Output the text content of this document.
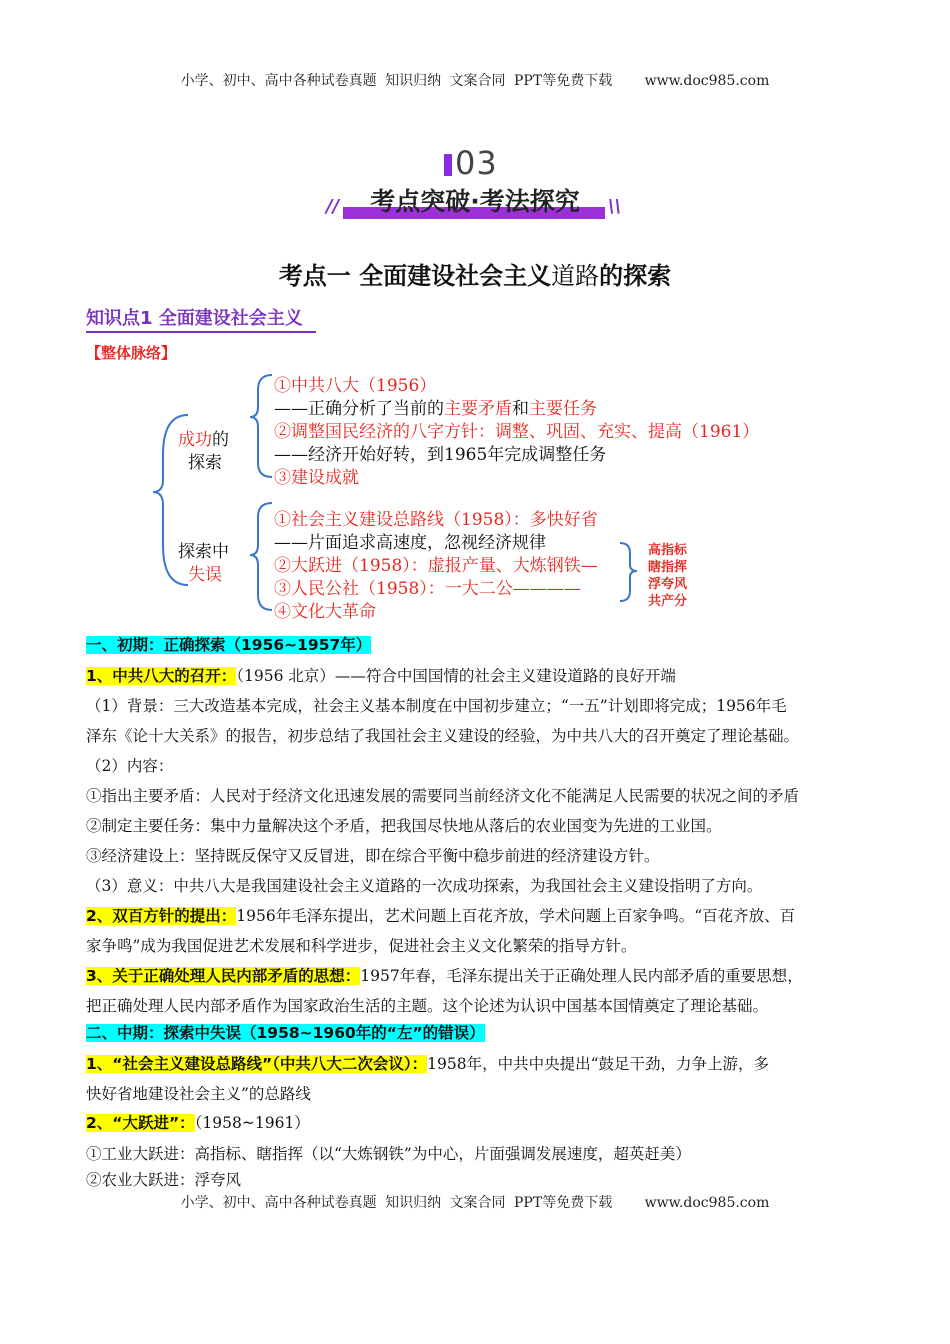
小学、初中、高中各种试卷真题 知识归纳 文案合同 PPT等免费下载 www.doc985.com
03
考点突破·考法探究
//	\\
考点一 全面建设社会主义道路的探索
知识点1 全面建设社会主义
【整体脉络】
成功的
探索
探索中
失误
①中共八大（1956）
——正确分析了当前的主要矛盾和主要任务
②调整国民经济的八字方针：调整、巩固、充实、提高（1961）
——经济开始好转，到1965年完成调整任务
③建设成就
①社会主义建设总路线（1958）：多快好省
——片面追求高速度，忽视经济规律
②大跃进（1958）：虚报产量、大炼钢铁—
③人民公社（1958）：一大二公————
④文化大革命
高指标
瞎指挥
浮夸风
共产分
一、初期：正确探索（1956~1957年）
1、中共八大的召开：（1956 北京）——符合中国国情的社会主义建设道路的良好开端
（1）背景：三大改造基本完成，社会主义基本制度在中国初步建立；“一五”计划即将完成；1956年毛
泽东《论十大关系》的报告，初步总结了我国社会主义建设的经验，为中共八大的召开奠定了理论基础。
（2）内容：
①指出主要矛盾：人民对于经济文化迅速发展的需要同当前经济文化不能满足人民需要的状况之间的矛盾
②制定主要任务：集中力量解决这个矛盾，把我国尽快地从落后的农业国变为先进的工业国。
③经济建设上：坚持既反保守又反冒进，即在综合平衡中稳步前进的经济建设方针。
（3）意义：中共八大是我国建设社会主义道路的一次成功探索，为我国社会主义建设指明了方向。
2、双百方针的提出：1956年毛泽东提出，艺术问题上百花齐放，学术问题上百家争鸣。“百花齐放、百
家争鸣”成为我国促进艺术发展和科学进步，促进社会主义文化繁荣的指导方针。
3、关于正确处理人民内部矛盾的思想：1957年春，毛泽东提出关于正确处理人民内部矛盾的重要思想，
把正确处理人民内部矛盾作为国家政治生活的主题。这个论述为认识中国基本国情奠定了理论基础。
二、中期：探索中失误（1958~1960年的“左”的错误）
1、“社会主义建设总路线”（中共八大二次会议）：1958年，中共中央提出“鼓足干劲，力争上游，多
快好省地建设社会主义”的总路线
2、“大跃进”：（1958~1961）
①工业大跃进：高指标、瞎指挥（以“大炼钢铁”为中心，片面强调发展速度，超英赶美）
②农业大跃进：浮夸风
小学、初中、高中各种试卷真题 知识归纳 文案合同 PPT等免费下载 www.doc985.com
